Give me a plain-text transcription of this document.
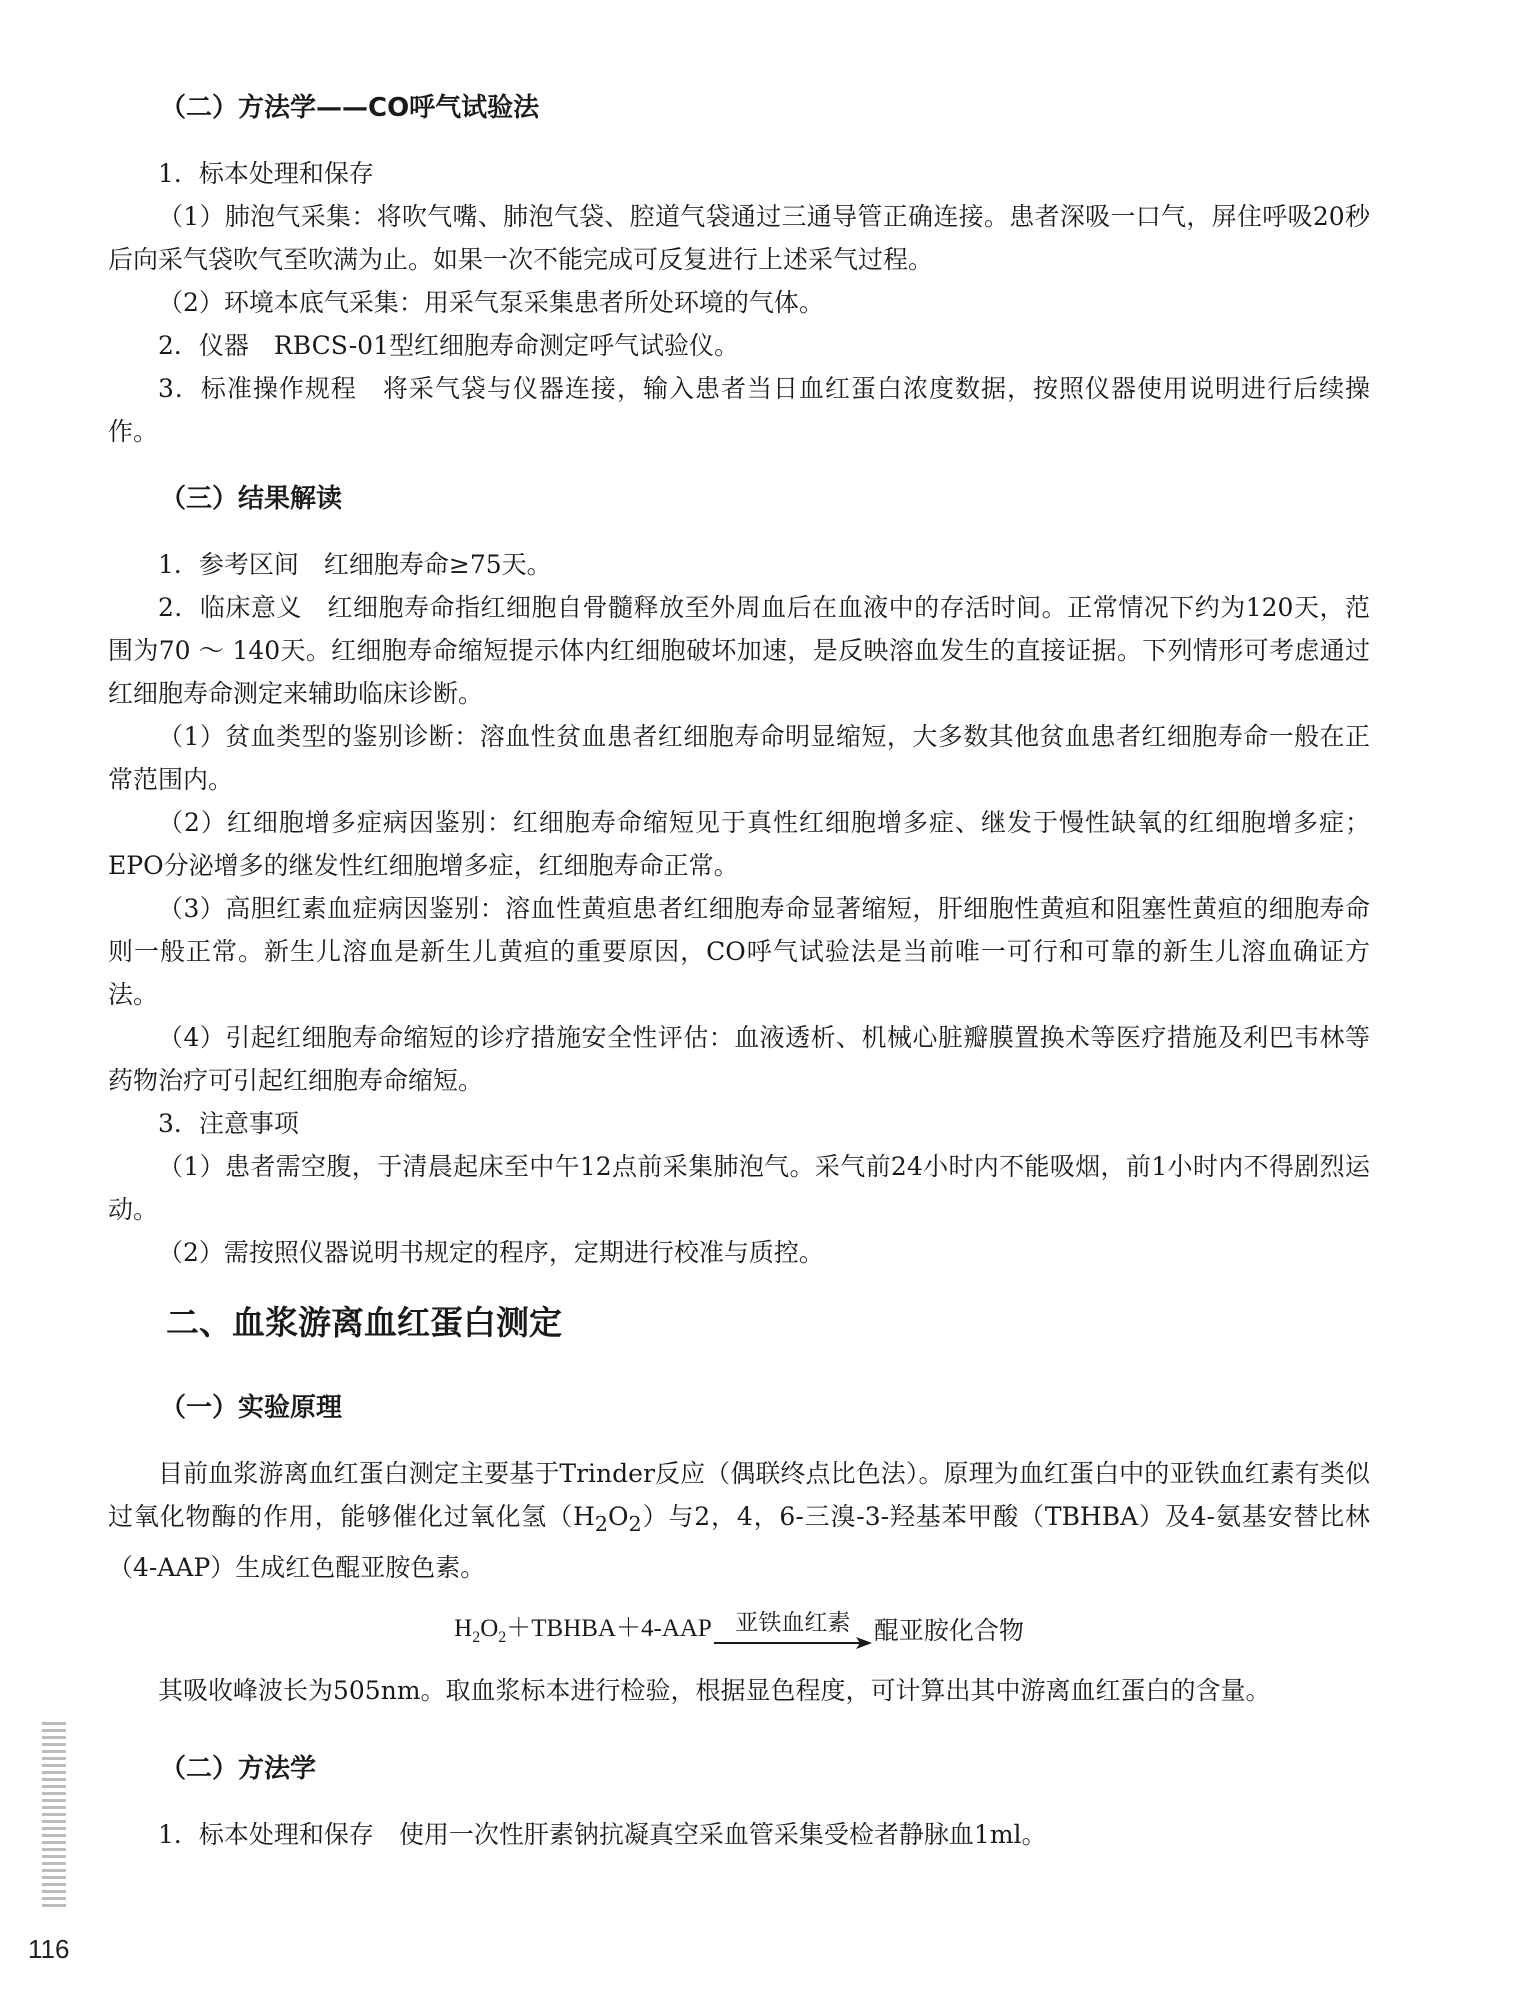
（二）方法学——CO呼气试验法

1．标本处理和保存

（1）肺泡气采集：将吹气嘴、肺泡气袋、腔道气袋通过三通导管正确连接。患者深吸一口气，屏住呼吸20秒后向采气袋吹气至吹满为止。如果一次不能完成可反复进行上述采气过程。

（2）环境本底气采集：用采气泵采集患者所处环境的气体。

2．仪器　RBCS-01型红细胞寿命测定呼气试验仪。

3．标准操作规程　将采气袋与仪器连接，输入患者当日血红蛋白浓度数据，按照仪器使用说明进行后续操作。

（三）结果解读

1．参考区间　红细胞寿命≥75天。

2．临床意义　红细胞寿命指红细胞自骨髓释放至外周血后在血液中的存活时间。正常情况下约为120天，范围为70 ～ 140天。红细胞寿命缩短提示体内红细胞破坏加速，是反映溶血发生的直接证据。下列情形可考虑通过红细胞寿命测定来辅助临床诊断。

（1）贫血类型的鉴别诊断：溶血性贫血患者红细胞寿命明显缩短，大多数其他贫血患者红细胞寿命一般在正常范围内。

（2）红细胞增多症病因鉴别：红细胞寿命缩短见于真性红细胞增多症、继发于慢性缺氧的红细胞增多症；EPO分泌增多的继发性红细胞增多症，红细胞寿命正常。

（3）高胆红素血症病因鉴别：溶血性黄疸患者红细胞寿命显著缩短，肝细胞性黄疸和阻塞性黄疸的细胞寿命则一般正常。新生儿溶血是新生儿黄疸的重要原因，CO呼气试验法是当前唯一可行和可靠的新生儿溶血确证方法。

（4）引起红细胞寿命缩短的诊疗措施安全性评估：血液透析、机械心脏瓣膜置换术等医疗措施及利巴韦林等药物治疗可引起红细胞寿命缩短。

3．注意事项

（1）患者需空腹，于清晨起床至中午12点前采集肺泡气。采气前24小时内不能吸烟，前1小时内不得剧烈运动。

（2）需按照仪器说明书规定的程序，定期进行校准与质控。

二、血浆游离血红蛋白测定
（一）实验原理

目前血浆游离血红蛋白测定主要基于Trinder反应（偶联终点比色法）。原理为血红蛋白中的亚铁血红素有类似过氧化物酶的作用，能够催化过氧化氢$(H_2O_2)$与2，4，6-三溴-3-羟基苯甲酸（TBHBA）及4-氨基安替比林（4-AAP）生成红色醌亚胺色素。

$H_2O_2+TBHBA+4$-AAP 亚铁血红素 醌亚胺化合物

其吸收峰波长为505nm。取血浆标本进行检验，根据显色程度，可计算出其中游离血红蛋白的含量。

（二）方法学

1．标本处理和保存　使用一次性肝素钠抗凝真空采血管采集受检者静脉血1ml。

116
